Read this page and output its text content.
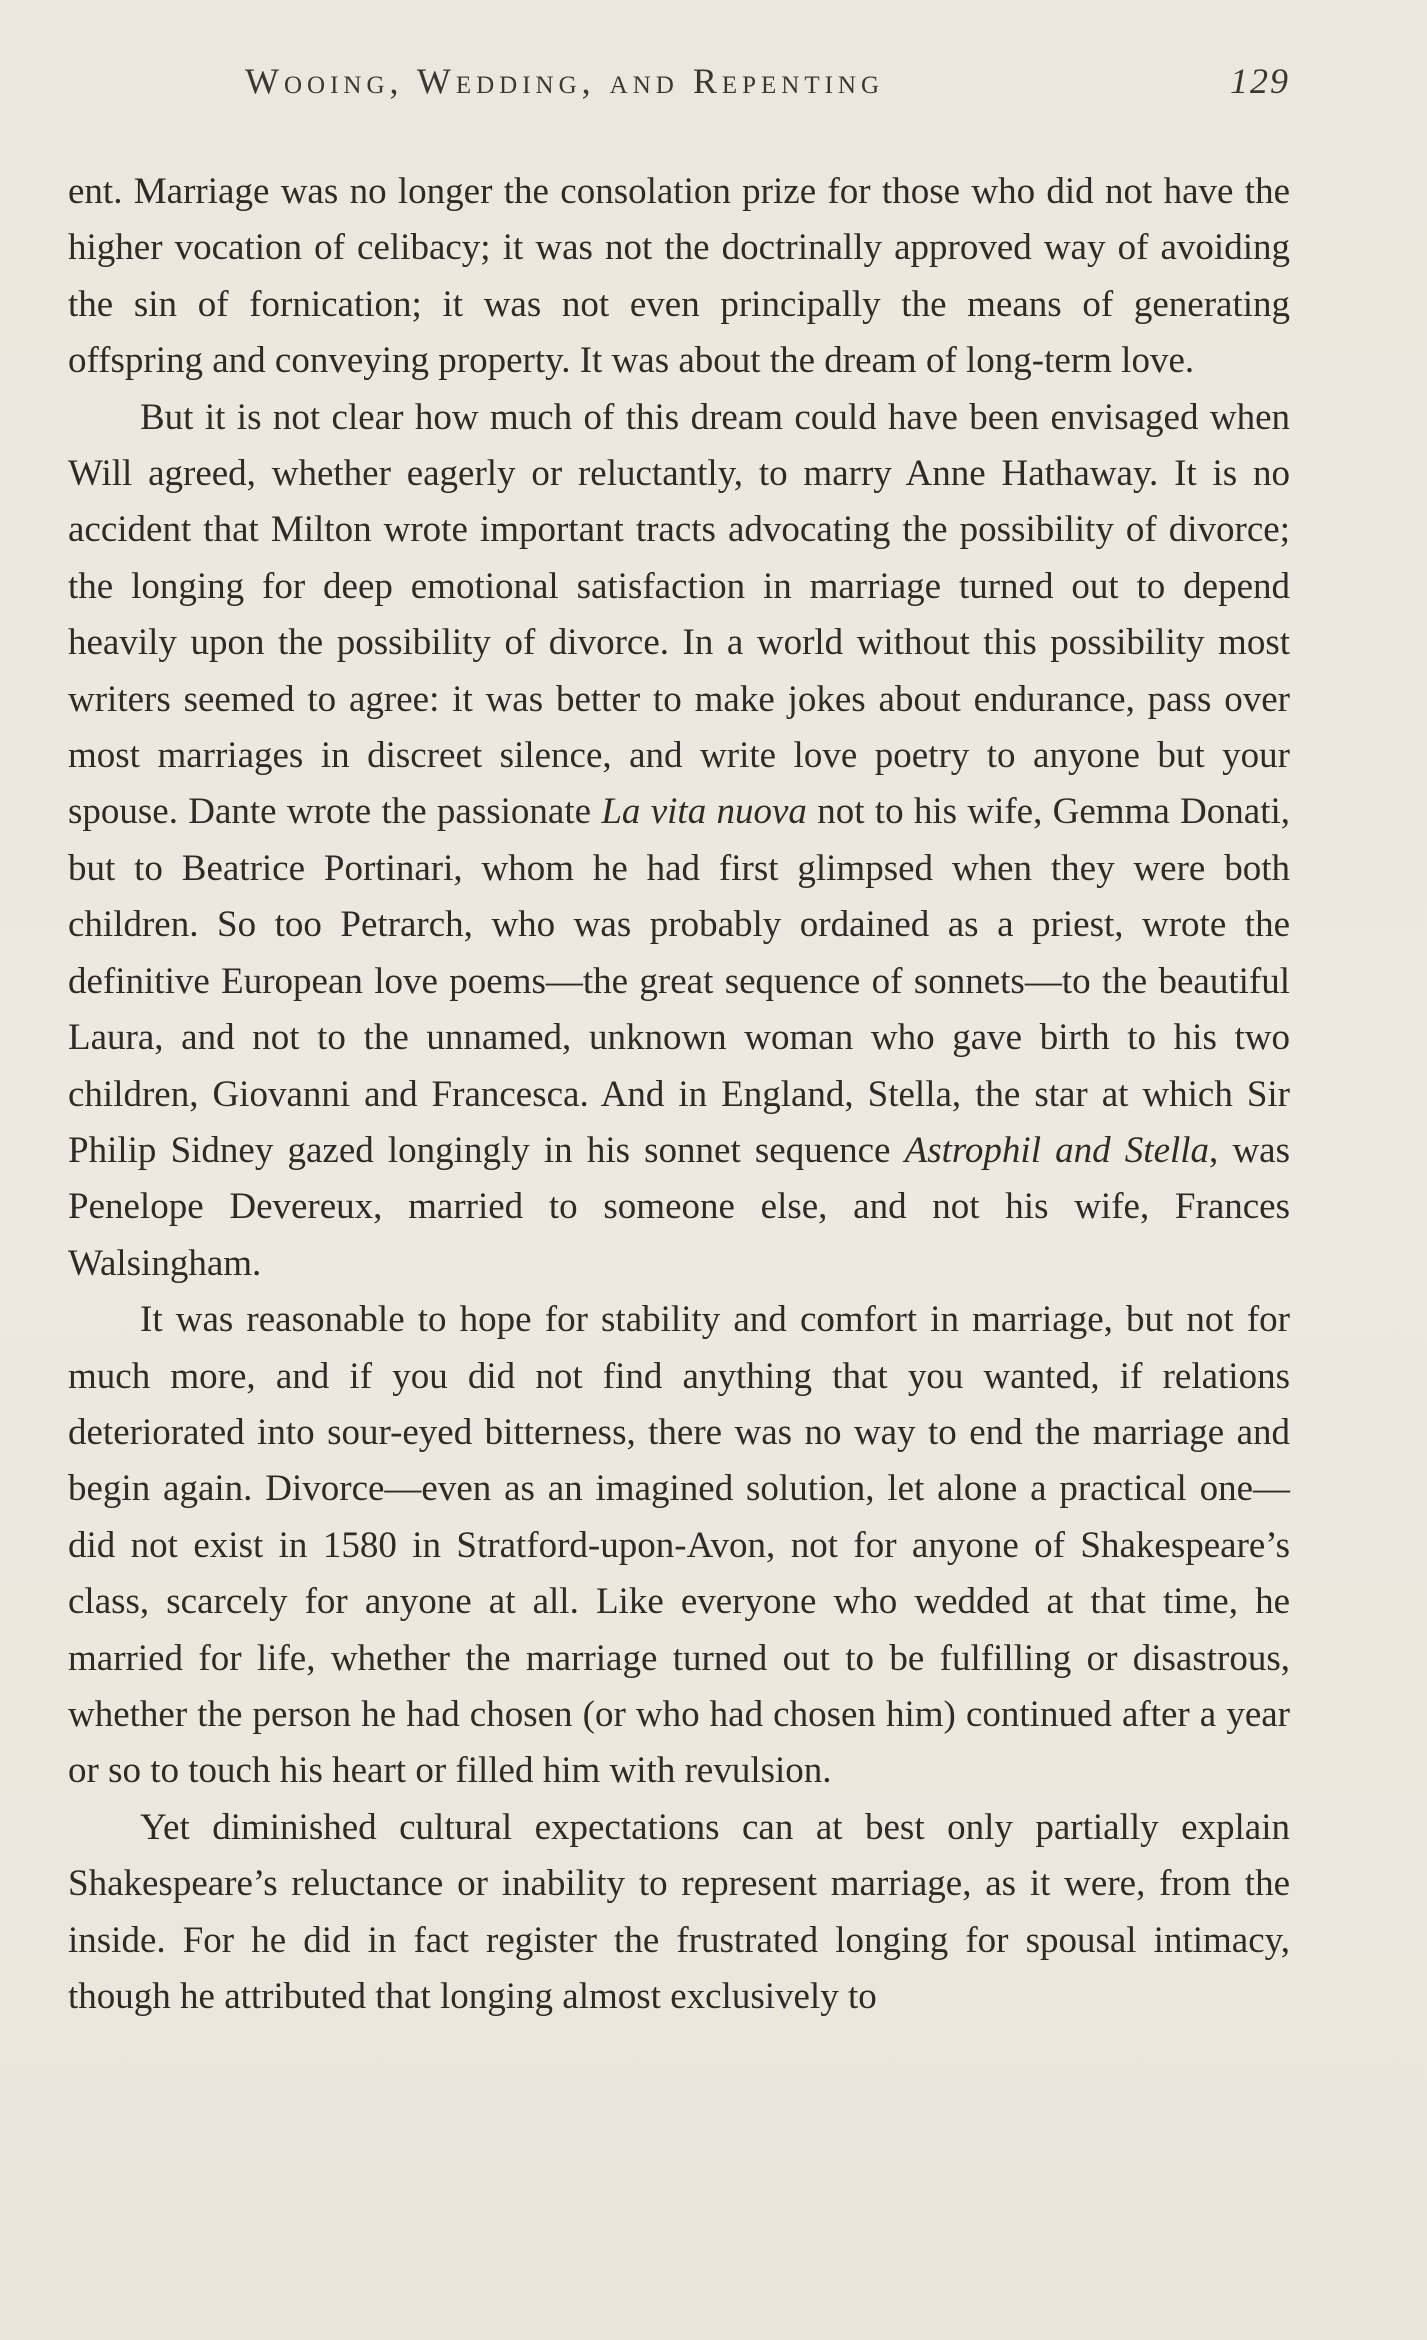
Wooing, Wedding, and Repenting	129

ent. Marriage was no longer the consolation prize for those who did not have the higher vocation of celibacy; it was not the doctrinally approved way of avoiding the sin of fornication; it was not even principally the means of generating offspring and conveying property. It was about the dream of long-term love.

But it is not clear how much of this dream could have been envisaged when Will agreed, whether eagerly or reluctantly, to marry Anne Hathaway. It is no accident that Milton wrote important tracts advocating the possibility of divorce; the longing for deep emotional satisfaction in marriage turned out to depend heavily upon the possibility of divorce. In a world without this possibility most writers seemed to agree: it was better to make jokes about endurance, pass over most marriages in discreet silence, and write love poetry to anyone but your spouse. Dante wrote the passionate La vita nuova not to his wife, Gemma Donati, but to Beatrice Portinari, whom he had first glimpsed when they were both children. So too Petrarch, who was probably ordained as a priest, wrote the definitive European love poems—the great sequence of sonnets—to the beautiful Laura, and not to the unnamed, unknown woman who gave birth to his two children, Giovanni and Francesca. And in England, Stella, the star at which Sir Philip Sidney gazed longingly in his sonnet sequence Astrophil and Stella, was Penelope Devereux, married to someone else, and not his wife, Frances Walsingham.

It was reasonable to hope for stability and comfort in marriage, but not for much more, and if you did not find anything that you wanted, if relations deteriorated into sour-eyed bitterness, there was no way to end the marriage and begin again. Divorce—even as an imagined solution, let alone a practical one—did not exist in 1580 in Stratford-upon-Avon, not for anyone of Shakespeare’s class, scarcely for anyone at all. Like everyone who wedded at that time, he married for life, whether the marriage turned out to be fulfilling or disastrous, whether the person he had chosen (or who had chosen him) continued after a year or so to touch his heart or filled him with revulsion.

Yet diminished cultural expectations can at best only partially explain Shakespeare’s reluctance or inability to represent marriage, as it were, from the inside. For he did in fact register the frustrated longing for spousal intimacy, though he attributed that longing almost exclusively to
